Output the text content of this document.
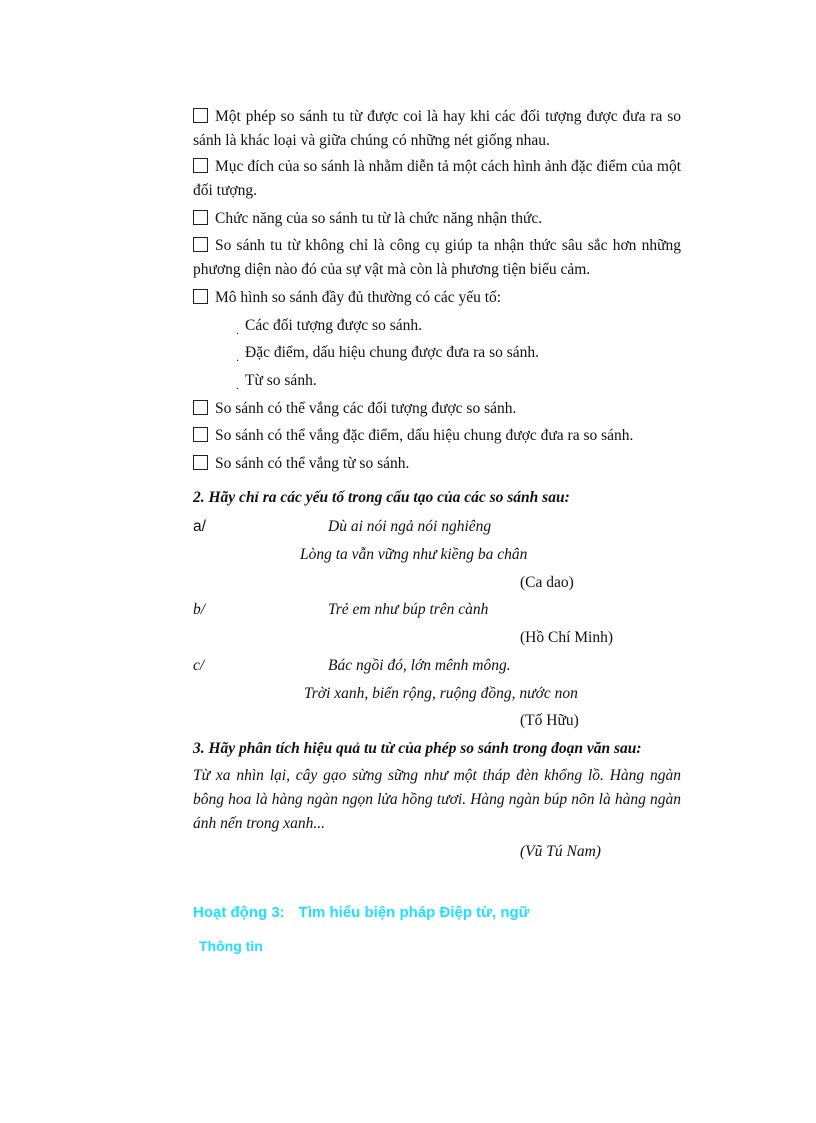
Một phép so sánh tu từ được coi là hay khi các đối tượng được đưa ra so sánh là khác loại và giữa chúng có những nét giống nhau.
Mục đích của so sánh là nhằm diễn tả một cách hình ảnh đặc điểm của một đối tượng.
Chức năng của so sánh tu từ là chức năng nhận thức.
So sánh tu từ không chỉ là công cụ giúp ta nhận thức sâu sắc hơn những phương diện nào đó của sự vật mà còn là phương tiện biểu cảm.
Mô hình so sánh đầy đủ thường có các yếu tố:
. Các đối tượng được so sánh.
. Đặc điểm, dấu hiệu chung được đưa ra so sánh.
. Từ so sánh.
So sánh có thể vắng các đối tượng được so sánh.
So sánh có thể vắng đặc điểm, dấu hiệu chung được đưa ra so sánh.
So sánh có thể vắng từ so sánh.
2. Hãy chỉ ra các yếu tố trong cấu tạo của các so sánh sau:
a/	Dù ai nói ngả nói nghiêng
Lòng ta vẫn vững như kiềng ba chân
(Ca dao)
b/	Trẻ em như búp trên cành
(Hồ Chí Minh)
c/	Bác ngồi đó, lớn mênh mông.
Trời xanh, biển rộng, ruộng đồng, nước non
(Tố Hữu)
3. Hãy phân tích hiệu quả tu từ của phép so sánh trong đoạn văn sau:
Từ xa nhìn lại, cây gạo sừng sững như một tháp đèn khổng lồ. Hàng ngàn bông hoa là hàng ngàn ngọn lửa hồng tươi. Hàng ngàn búp nõn là hàng ngàn ánh nến trong xanh...
(Vũ Tú Nam)
Hoạt động 3: Tìm hiểu biện pháp Điệp từ, ngữ
Thông tin
